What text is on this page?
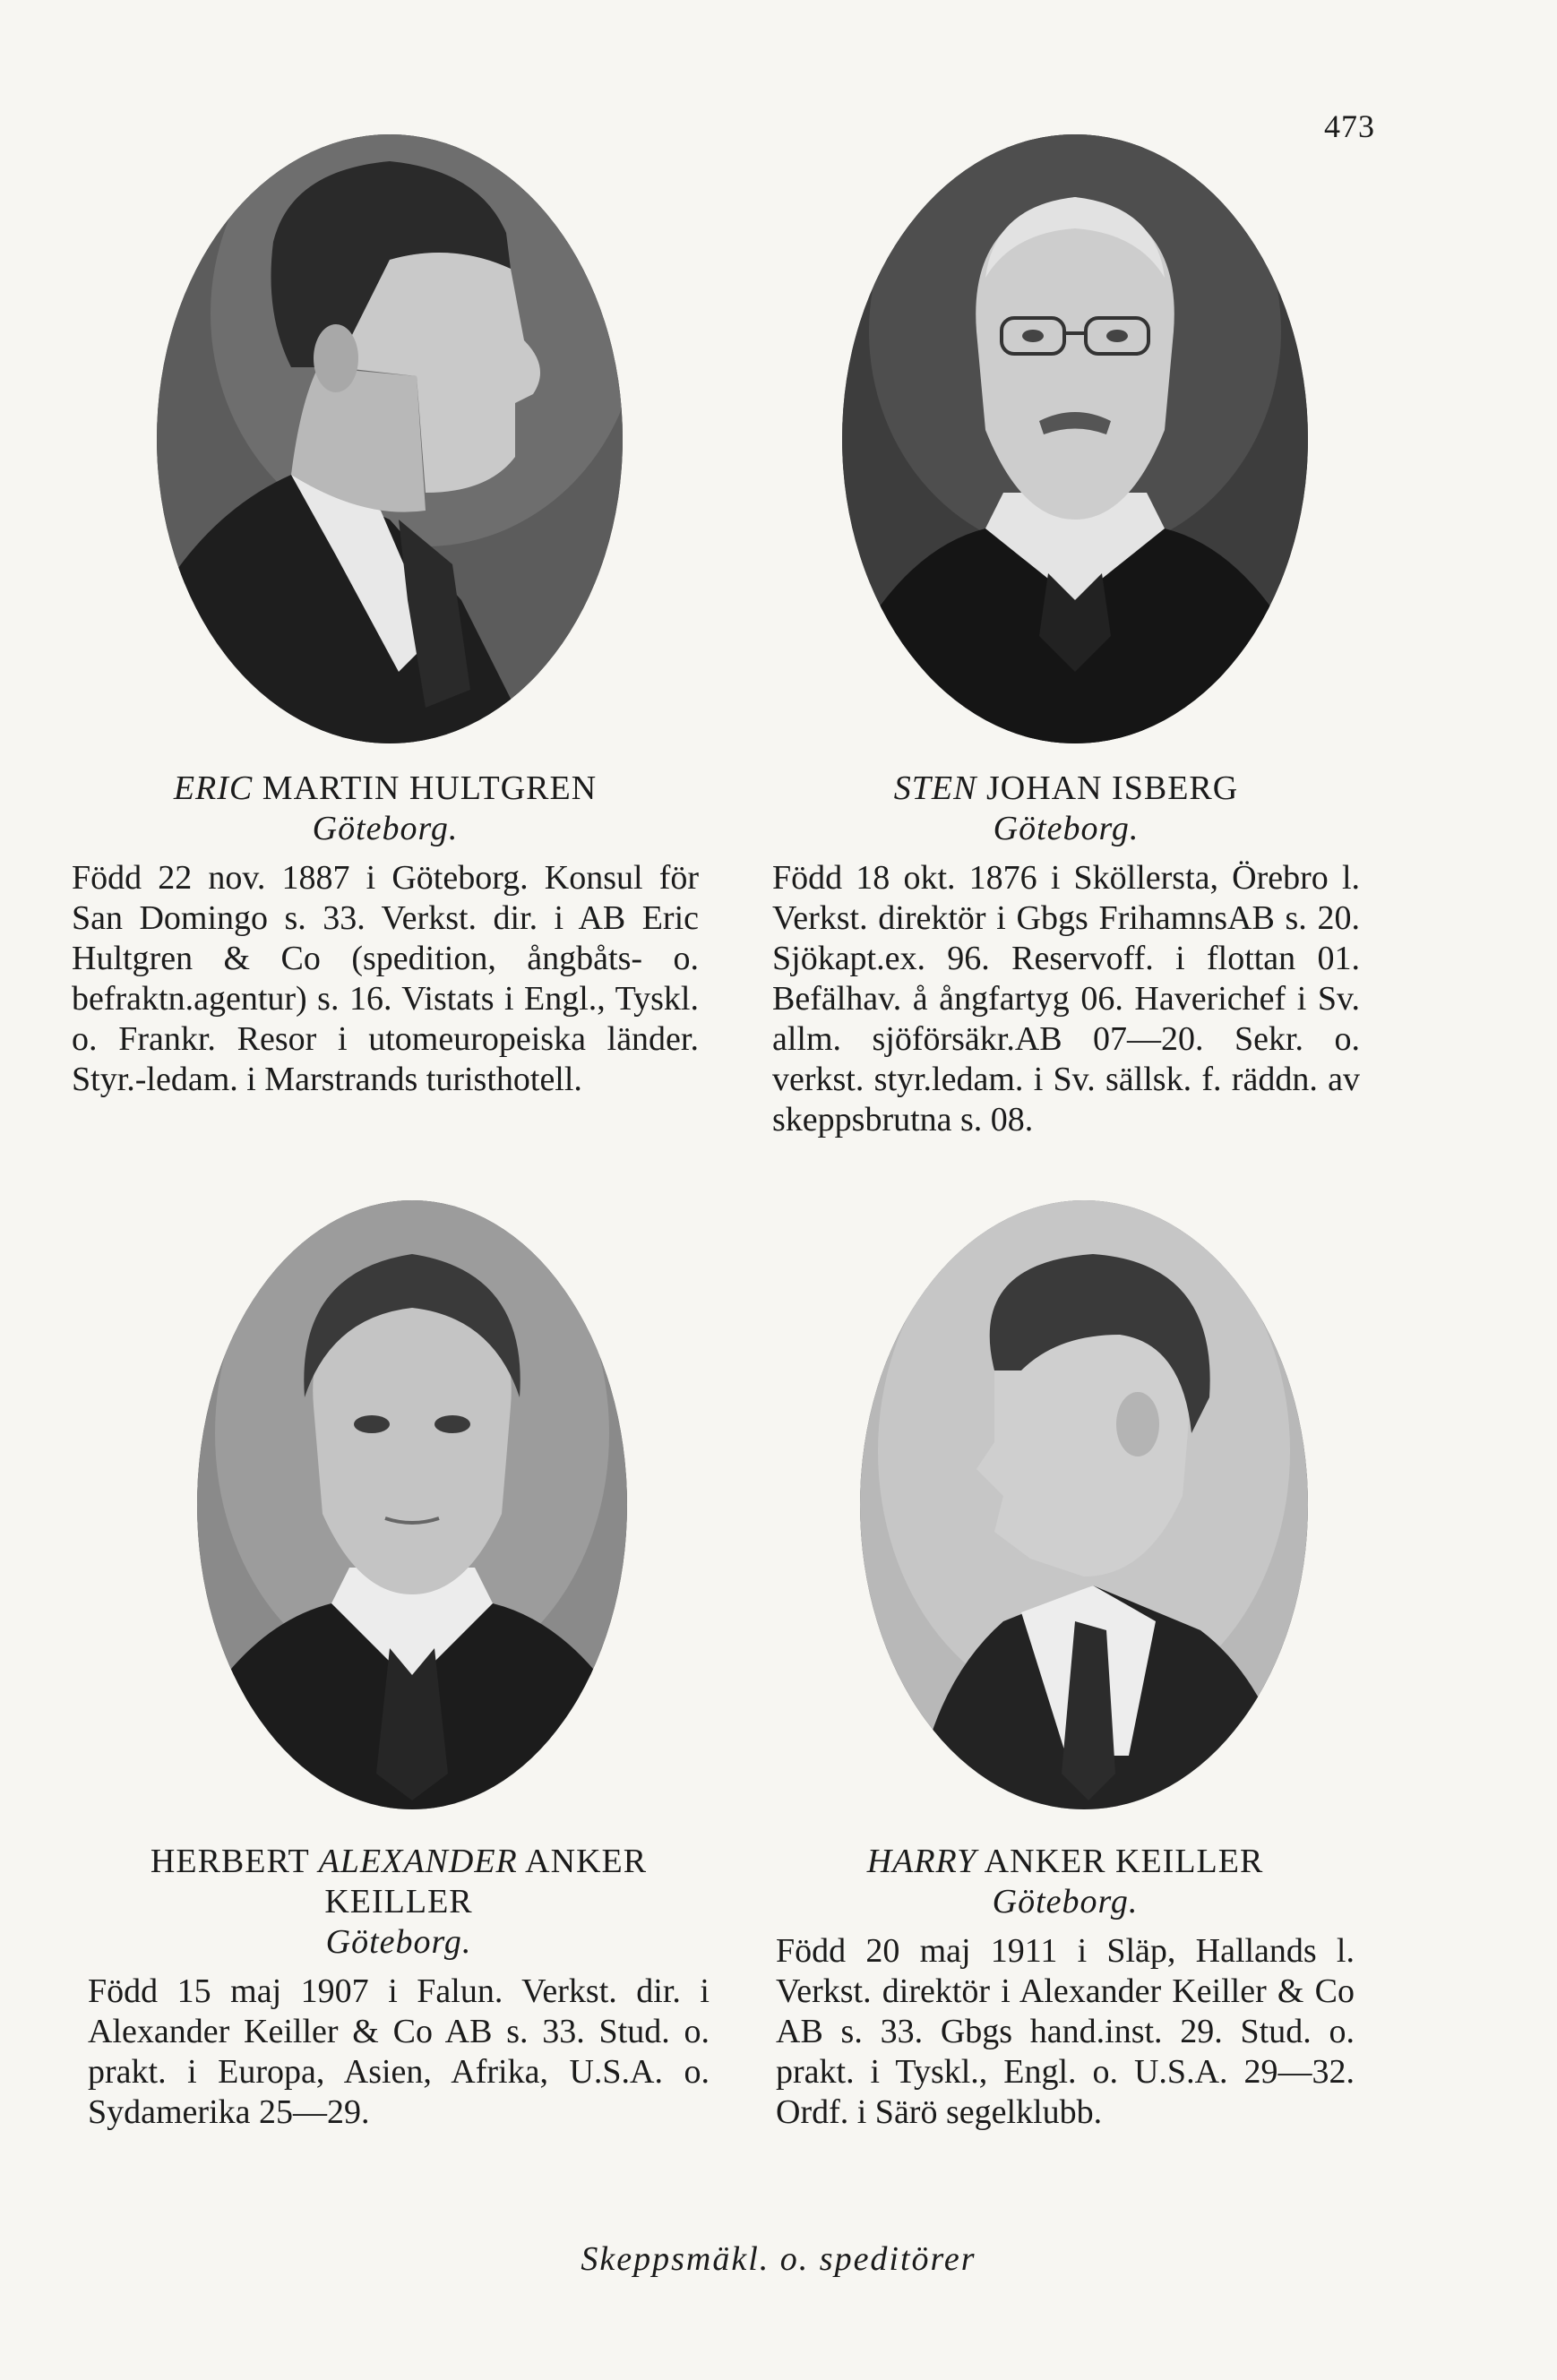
473
ERIC MARTIN HULTGREN
Göteborg.
Född 22 nov. 1887 i Göteborg. Konsul för San Domingo s. 33. Verkst. dir. i AB Eric Hultgren & Co (spedition, ångbåts- o. befraktn.agentur) s. 16. Vistats i Engl., Tyskl. o. Frankr. Resor i utomeuropeiska länder. Styr.-ledam. i Marstrands turisthotell.
STEN JOHAN ISBERG
Göteborg.
Född 18 okt. 1876 i Sköllersta, Örebro l. Verkst. direktör i Gbgs FrihamnsAB s. 20. Sjökapt.ex. 96. Reservoff. i flottan 01. Befälhav. å ångfartyg 06. Haverichef i Sv. allm. sjöförsäkr.AB 07—20. Sekr. o. verkst. styr.ledam. i Sv. sällsk. f. räddn. av skeppsbrutna s. 08.
HERBERT ALEXANDER ANKER
KEILLER
Göteborg.
Född 15 maj 1907 i Falun. Verkst. dir. i Alexander Keiller & Co AB s. 33. Stud. o. prakt. i Europa, Asien, Afrika, U.S.A. o. Sydamerika 25—29.
HARRY ANKER KEILLER
Göteborg.
Född 20 maj 1911 i Släp, Hallands l. Verkst. direktör i Alexander Keiller & Co AB s. 33. Gbgs hand.inst. 29. Stud. o. prakt. i Tyskl., Engl. o. U.S.A. 29—32. Ordf. i Särö segelklubb.
Skeppsmäkl. o. speditörer
